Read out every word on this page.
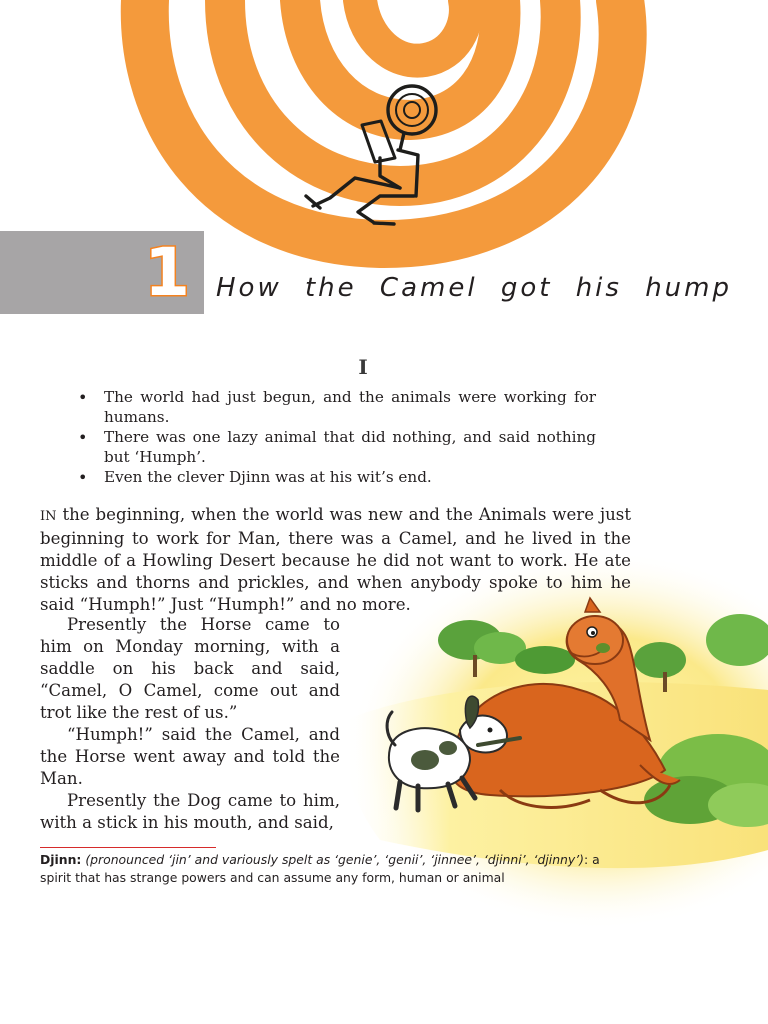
1	How the Camel got his hump
I
• The world had just begun, and the animals were working for humans.
• There was one lazy animal that did nothing, and said nothing but ‘Humph’.
• Even the clever Djinn was at his wit’s end.
IN the beginning, when the world was new and the Animals were just beginning to work for Man, there was a Camel, and he lived in the middle of a Howling Desert because he did not want to work. He ate sticks and thorns and prickles, and when anybody spoke to him he said “Humph!” Just “Humph!” and no more.

Presently the Horse came to him on Monday morning, with a saddle on his back and said, “Camel, O Camel, come out and trot like the rest of us.”

“Humph!” said the Camel, and the Horse went away and told the Man.

Presently the Dog came to him, with a stick in his mouth, and said,

Djinn: (pronounced ‘jin’ and variously spelt as ‘genie’, ‘genii’, ‘jinnee’, ‘djinni’, ‘djinny’): a spirit that has strange powers and can assume any form, human or animal
